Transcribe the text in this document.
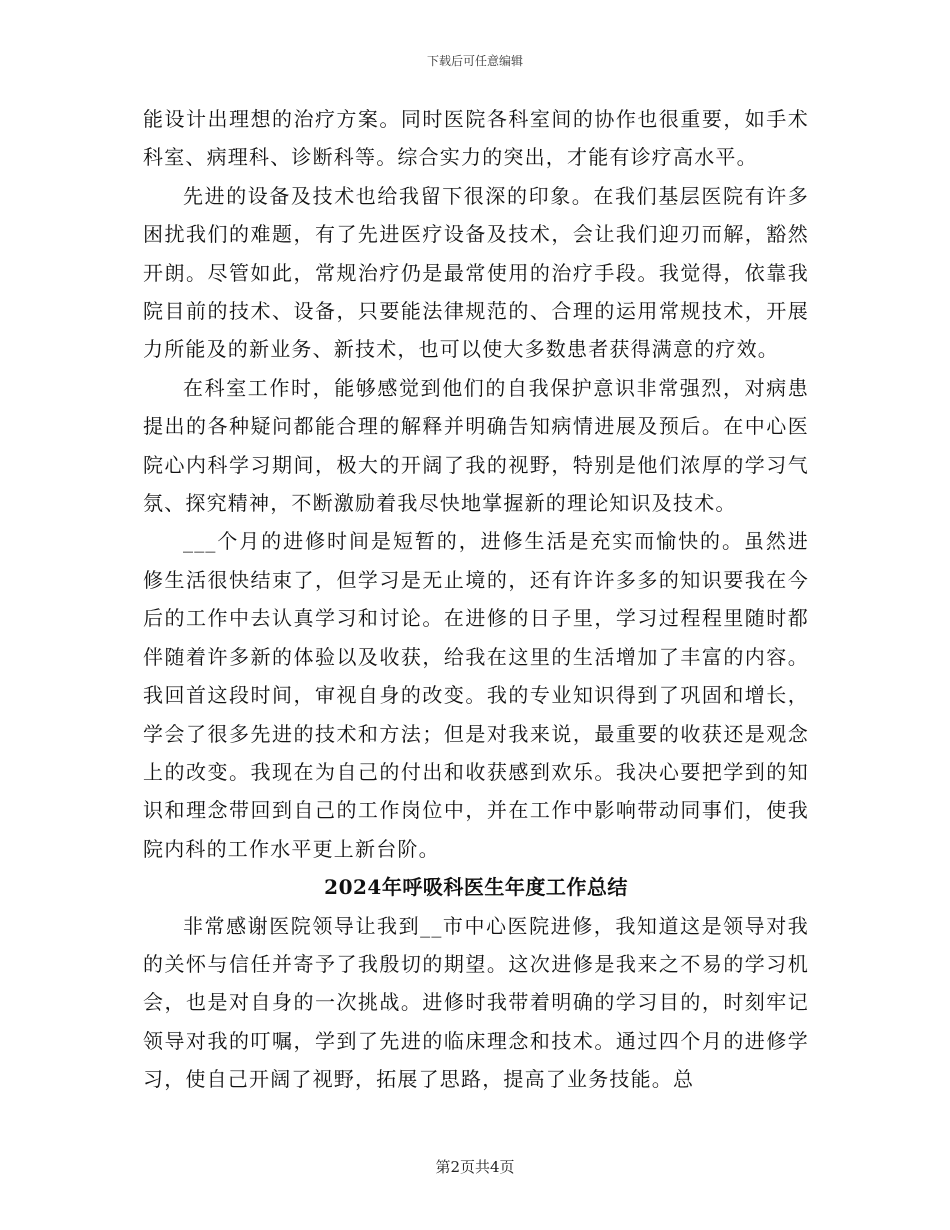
下载后可任意编辑

能设计出理想的治疗方案。同时医院各科室间的协作也很重要，如手术科室、病理科、诊断科等。综合实力的突出，才能有诊疗高水平。

先进的设备及技术也给我留下很深的印象。在我们基层医院有许多困扰我们的难题，有了先进医疗设备及技术，会让我们迎刃而解，豁然开朗。尽管如此，常规治疗仍是最常使用的治疗手段。我觉得，依靠我院目前的技术、设备，只要能法律规范的、合理的运用常规技术，开展力所能及的新业务、新技术，也可以使大多数患者获得满意的疗效。

在科室工作时，能够感觉到他们的自我保护意识非常强烈，对病患提出的各种疑问都能合理的解释并明确告知病情进展及预后。在中心医院心内科学习期间，极大的开阔了我的视野，特别是他们浓厚的学习气氛、探究精神，不断激励着我尽快地掌握新的理论知识及技术。

___个月的进修时间是短暂的，进修生活是充实而愉快的。虽然进修生活很快结束了，但学习是无止境的，还有许许多多的知识要我在今后的工作中去认真学习和讨论。在进修的日子里，学习过程程里随时都伴随着许多新的体验以及收获，给我在这里的生活增加了丰富的内容。我回首这段时间，审视自身的改变。我的专业知识得到了巩固和增长，学会了很多先进的技术和方法；但是对我来说，最重要的收获还是观念上的改变。我现在为自己的付出和收获感到欢乐。我决心要把学到的知识和理念带回到自己的工作岗位中，并在工作中影响带动同事们，使我院内科的工作水平更上新台阶。

2024年呼吸科医生年度工作总结

非常感谢医院领导让我到__市中心医院进修，我知道这是领导对我的关怀与信任并寄予了我殷切的期望。这次进修是我来之不易的学习机会，也是对自身的一次挑战。进修时我带着明确的学习目的，时刻牢记领导对我的叮嘱，学到了先进的临床理念和技术。通过四个月的进修学习，使自己开阔了视野，拓展了思路，提高了业务技能。总

第2页共4页
